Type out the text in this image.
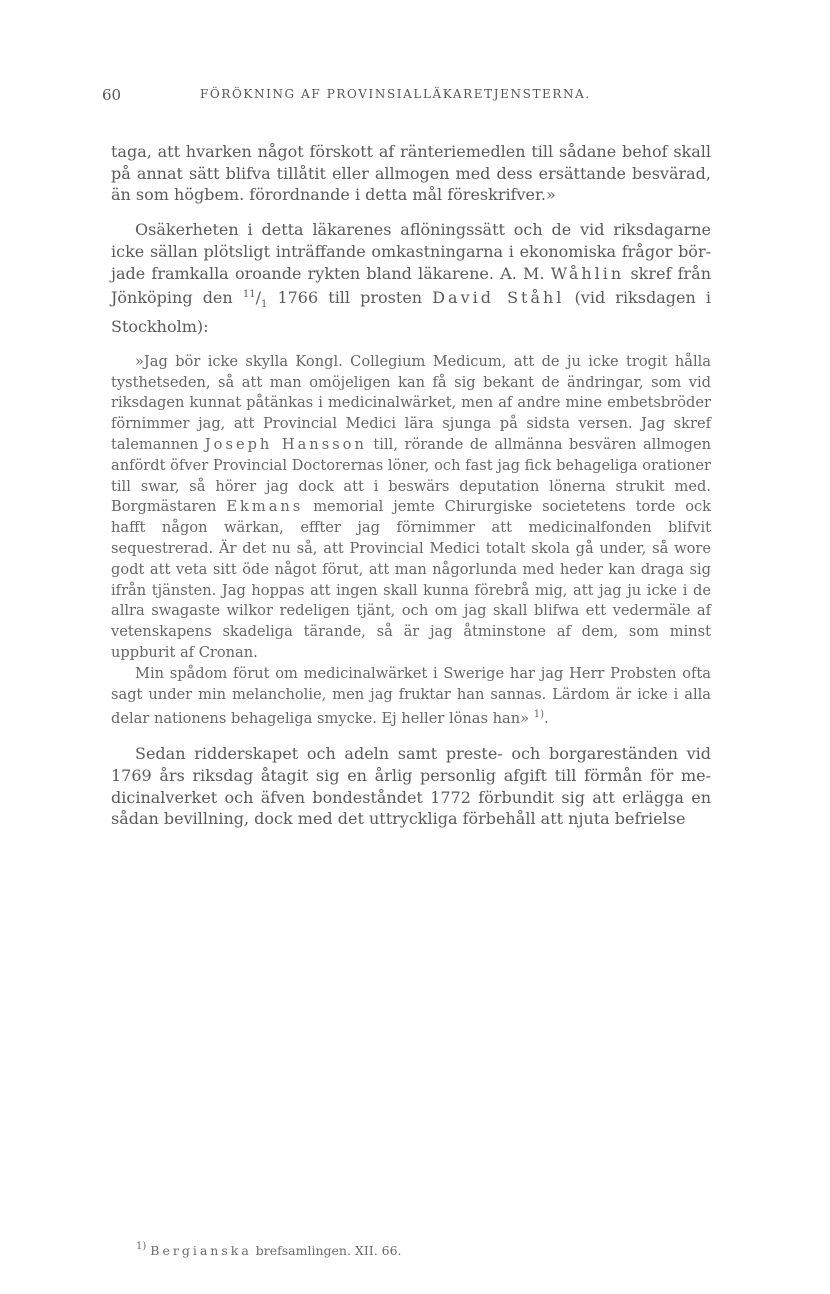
60	FÖRÖKNING AF PROVINSIALLÄKARETJENSTERNA.

taga, att hvarken något förskott af ränteriemedlen till sådane behof skall på annat sätt blifva tillåtit eller allmogen med dess ersättande besvärad, än som högbem. förordnande i detta mål föreskrifver.»

Osäkerheten i detta läkarenes aflöningssätt och de vid riksdagarne icke sällan plötsligt inträffande omkastningarna i ekonomiska frågor började framkalla oroande rykten bland läkarene. A. M. Wåhlin skref från Jönköping den $^{11}/_1$ 1766 till prosten David Ståhl (vid riksdagen i Stockholm):

»Jag bör icke skylla Kongl. Collegium Medicum, att de ju icke trogit hålla tysthetseden, så att man omöjeligen kan få sig bekant de ändringar, som vid riksdagen kunnat påtänkas i medicinalwärket, men af andre mine embetsbröder förnimmer jag, att Provincial Medici lära sjunga på sidsta versen. Jag skref talemannen Joseph Hansson till, rörande de allmänna besvären allmogen anfördt öfver Provincial Doctorernas löner, och fast jag fick behageliga orationer till swar, så hörer jag dock att i beswärs deputation lönerna strukit med. Borgmästaren Ekmans memorial jemte Chirurgiske societetens torde ock hafft någon wärkan, effter jag förnimmer att medicinalfonden blifvit sequestrerad. Är det nu så, att Provincial Medici totalt skola gå under, så wore godt att veta sitt öde något förut, att man någorlunda med heder kan draga sig ifrån tjänsten. Jag hoppas att ingen skall kunna förebrå mig, att jag ju icke i de allra swagaste wilkor redeligen tjänt, och om jag skall blifwa ett vedermäle af vetenskapens skadeliga tärande, så är jag åtminstone af dem, som minst uppburit af Cronan.

Min spådom förut om medicinalwärket i Swerige har jag Herr Probsten ofta sagt under min melancholie, men jag fruktar han sannas. Lärdom är icke i alla delar nationens behageliga smycke. Ej heller lönas han» $^{1)}$.

Sedan ridderskapet och adeln samt preste- och borgareständen vid 1769 års riksdag åtagit sig en årlig personlig afgift till förmån för medicinalverket och äfven bondeståndet 1772 förbundit sig att erlägga en sådan bevillning, dock med det uttryckliga förbehåll att njuta befrielse

$^{1)}$ Bergianska brefsamlingen. XII. 66.
